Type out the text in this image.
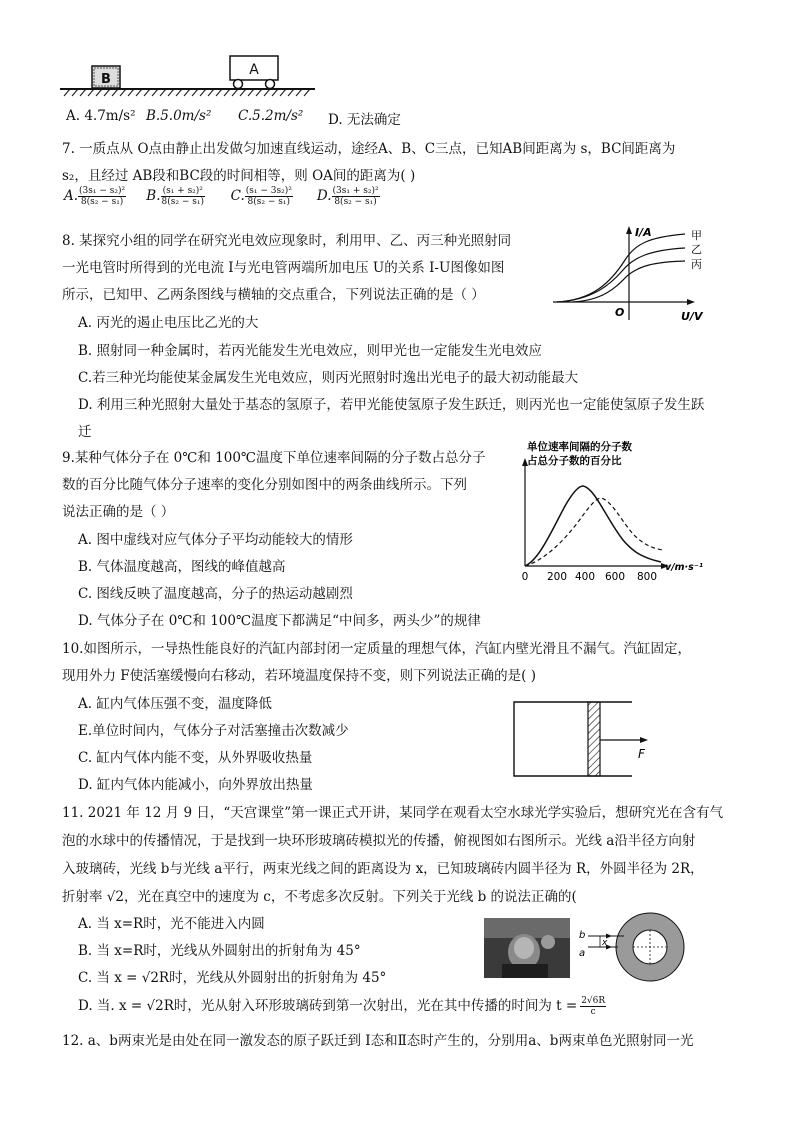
B
A
A. 4.7m/s² B.5.0m/s² C.5.2m/s² D. 无法确定
7. 一质点从 O点由静止出发做匀加速直线运动，途经A、B、C三点，已知AB间距离为 s，BC间距离为
s₂，且经过 AB段和BC段的时间相等，则 OA间的距离为( )
A. $\frac{\text{(3s₁ − s₂)²}}{\text{8(s₂ − s₁)}} B$. $\frac{\text{(s₁ + s₂)²}}{\text{8(s₂ − s₁)}} C$. $\frac{\text{(s₁ − 3s₂)²}}{\text{8(s₂ − s₁)}} D$. $\frac{\text{(3s₁ + s₂)²}}{\text{8(s₂ − s₁)}}$
8. 某探究小组的同学在研究光电效应现象时，利用甲、乙、丙三种光照射同
一光电管时所得到的光电流 I与光电管两端所加电压 U的关系 I-U图像如图
所示，已知甲、乙两条图线与横轴的交点重合，下列说法正确的是（ ）
A. 丙光的遏止电压比乙光的大
B. 照射同一种金属时，若丙光能发生光电效应，则甲光也一定能发生光电效应
C.若三种光均能使某金属发生光电效应，则丙光照射时逸出光电子的最大初动能最大
D. 利用三种光照射大量处于基态的氢原子，若甲光能使氢原子发生跃迁，则丙光也一定能使氢原子发生跃
迁
I/A
U/V
O
甲
乙
丙
9.某种气体分子在 0℃和 100℃温度下单位速率间隔的分子数占总分子
数的百分比随气体分子速率的变化分别如图中的两条曲线所示。下列
说法正确的是（ ）
A. 图中虚线对应气体分子平均动能较大的情形
B. 气体温度越高，图线的峰值越高
C. 图线反映了温度越高，分子的热运动越剧烈
D. 气体分子在 0℃和 100℃温度下都满足“中间多，两头少”的规律
单位速率间隔的分子数
占总分子数的百分比
0 200 400 600 800
v/m·s⁻¹
10.如图所示，一导热性能良好的汽缸内部封闭一定质量的理想气体，汽缸内壁光滑且不漏气。汽缸固定，
现用外力 F使活塞缓慢向右移动，若环境温度保持不变，则下列说法正确的是( )
A. 缸内气体压强不变，温度降低
E.单位时间内，气体分子对活塞撞击次数减少
C. 缸内气体内能不变，从外界吸收热量
D. 缸内气体内能减小，向外界放出热量
F
11. 2021 年 12 月 9 日，“天宫课堂”第一课正式开讲，某同学在观看太空水球光学实验后，想研究光在含有气
泡的水球中的传播情况，于是找到一块环形玻璃砖模拟光的传播，俯视图如右图所示。光线 a沿半径方向射
入玻璃砖，光线 b与光线 a平行，两束光线之间的距离设为 x，已知玻璃砖内圆半径为 R，外圆半径为 2R，
折射率 √2，光在真空中的速度为 c，不考虑多次反射。下列关于光线 b 的说法正确的(
A. 当 x=R时，光不能进入内圆
B. 当 x=R时，光线从外圆射出的折射角为 45°
C. 当 x = √2R时，光线从外圆射出的折射角为 45°
D. 当. x = √2R时，光从射入环形玻璃砖到第一次射出，光在其中传播的时间为 $t = \frac{2√6R}{c}$
b
x
a
12. a、b两束光是由处在同一激发态的原子跃迁到 Ⅰ态和Ⅱ态时产生的，分别用a、b两束单色光照射同一光
